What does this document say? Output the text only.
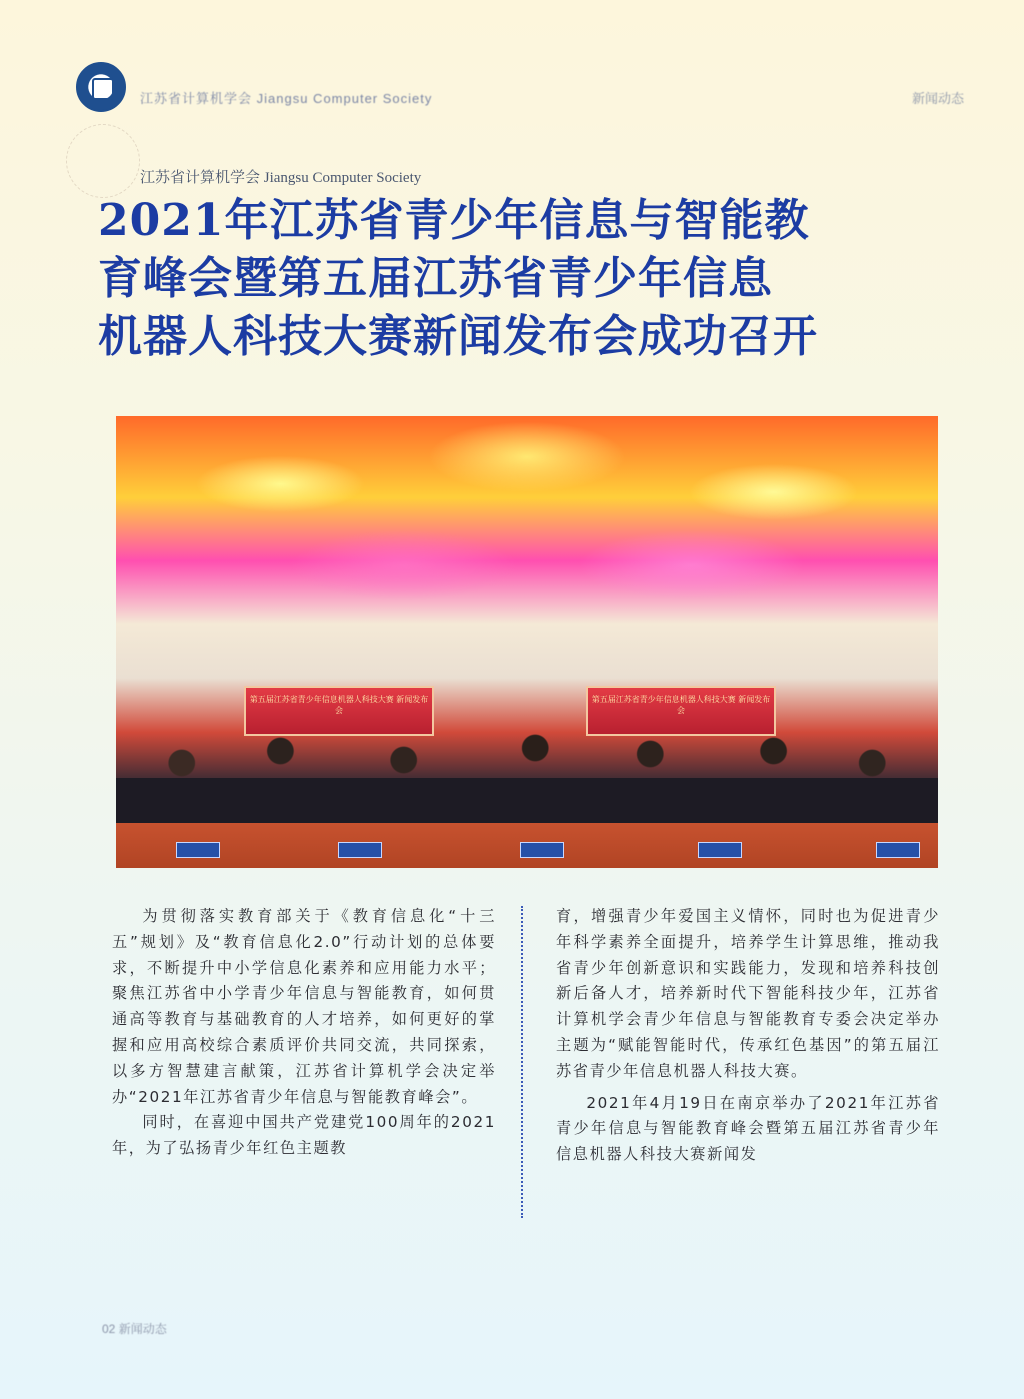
江苏省计算机学会 Jiangsu Computer Society	新闻动态
江苏省计算机学会 Jiangsu Computer Society
2021年江苏省青少年信息与智能教
育峰会暨第五届江苏省青少年信息
机器人科技大赛新闻发布会成功召开
第五届江苏省青少年信息机器人科技大赛 新闻发布会
第五届江苏省青少年信息机器人科技大赛 新闻发布会

为贯彻落实教育部关于《教育信息化“十三五”规划》及“教育信息化2.0”行动计划的总体要求，不断提升中小学信息化素养和应用能力水平；聚焦江苏省中小学青少年信息与智能教育，如何贯通高等教育与基础教育的人才培养，如何更好的掌握和应用高校综合素质评价共同交流，共同探索，以多方智慧建言献策，江苏省计算机学会决定举办“2021年江苏省青少年信息与智能教育峰会”。

同时，在喜迎中国共产党建党100周年的2021年，为了弘扬青少年红色主题教

育，增强青少年爱国主义情怀，同时也为促进青少年科学素养全面提升，培养学生计算思维，推动我省青少年创新意识和实践能力，发现和培养科技创新后备人才，培养新时代下智能科技少年，江苏省计算机学会青少年信息与智能教育专委会决定举办主题为“赋能智能时代，传承红色基因”的第五届江苏省青少年信息机器人科技大赛。

2021年4月19日在南京举办了2021年江苏省青少年信息与智能教育峰会暨第五届江苏省青少年信息机器人科技大赛新闻发

02 新闻动态
